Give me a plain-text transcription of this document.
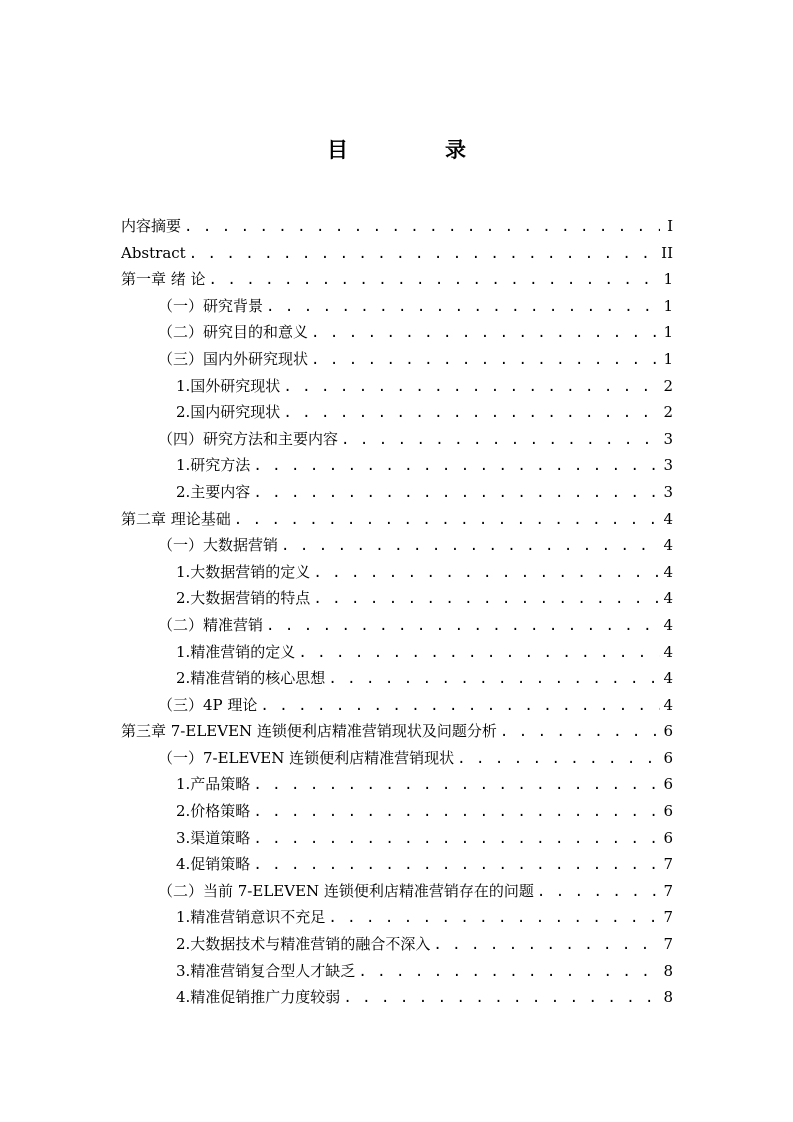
目　录
内容摘要 . . .	I
Abstract . . .	II
第一章 绪 论 . . .	1
（一）研究背景 . . .	1
（二）研究目的和意义 . . .	1
（三）国内外研究现状 . . .	1
1.国外研究现状 . . .	2
2.国内研究现状 . . .	2
（四）研究方法和主要内容 . . .	3
1.研究方法 . . .	3
2.主要内容 . . .	3
第二章 理论基础 . . .	4
（一）大数据营销 . . .	4
1.大数据营销的定义 . . .	4
2.大数据营销的特点 . . .	4
（二）精准营销 . . .	4
1.精准营销的定义 . . .	4
2.精准营销的核心思想 . . .	4
（三）4P 理论 . . .	4
第三章 7-ELEVEN 连锁便利店精准营销现状及问题分析 . . .	6
（一）7-ELEVEN 连锁便利店精准营销现状 . . .	6
1.产品策略 . . .	6
2.价格策略 . . .	6
3.渠道策略 . . .	6
4.促销策略 . . .	7
（二）当前 7-ELEVEN 连锁便利店精准营销存在的问题 . . .	7
1.精准营销意识不充足 . . .	7
2.大数据技术与精准营销的融合不深入 . . .	7
3.精准营销复合型人才缺乏 . . .	8
4.精准促销推广力度较弱 . . .	8
